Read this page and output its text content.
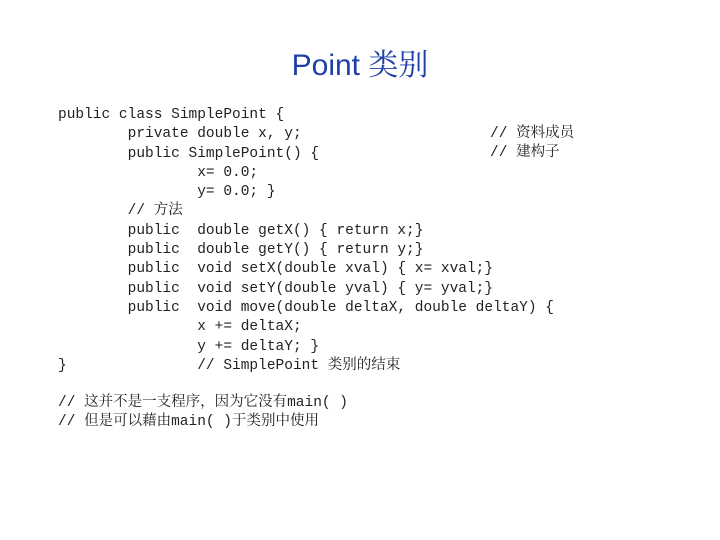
Point 类别
public class SimplePoint {
private double x, y;
public SimplePoint() {
x= 0.0;
y= 0.0; }
// 方法
public  double getX() { return x;}
public  double getY() { return y;}
public  void setX(double xval) { x= xval;}
public  void setY(double yval) { y= yval;}
public  void move(double deltaX, double deltaY) {
x += deltaX;
y += deltaY; }
}               // SimplePoint 类别的结束
// 资料成员
// 建构子
// 这并不是一支程序，因为它没有main( )
// 但是可以藉由main( )于类别中使用
